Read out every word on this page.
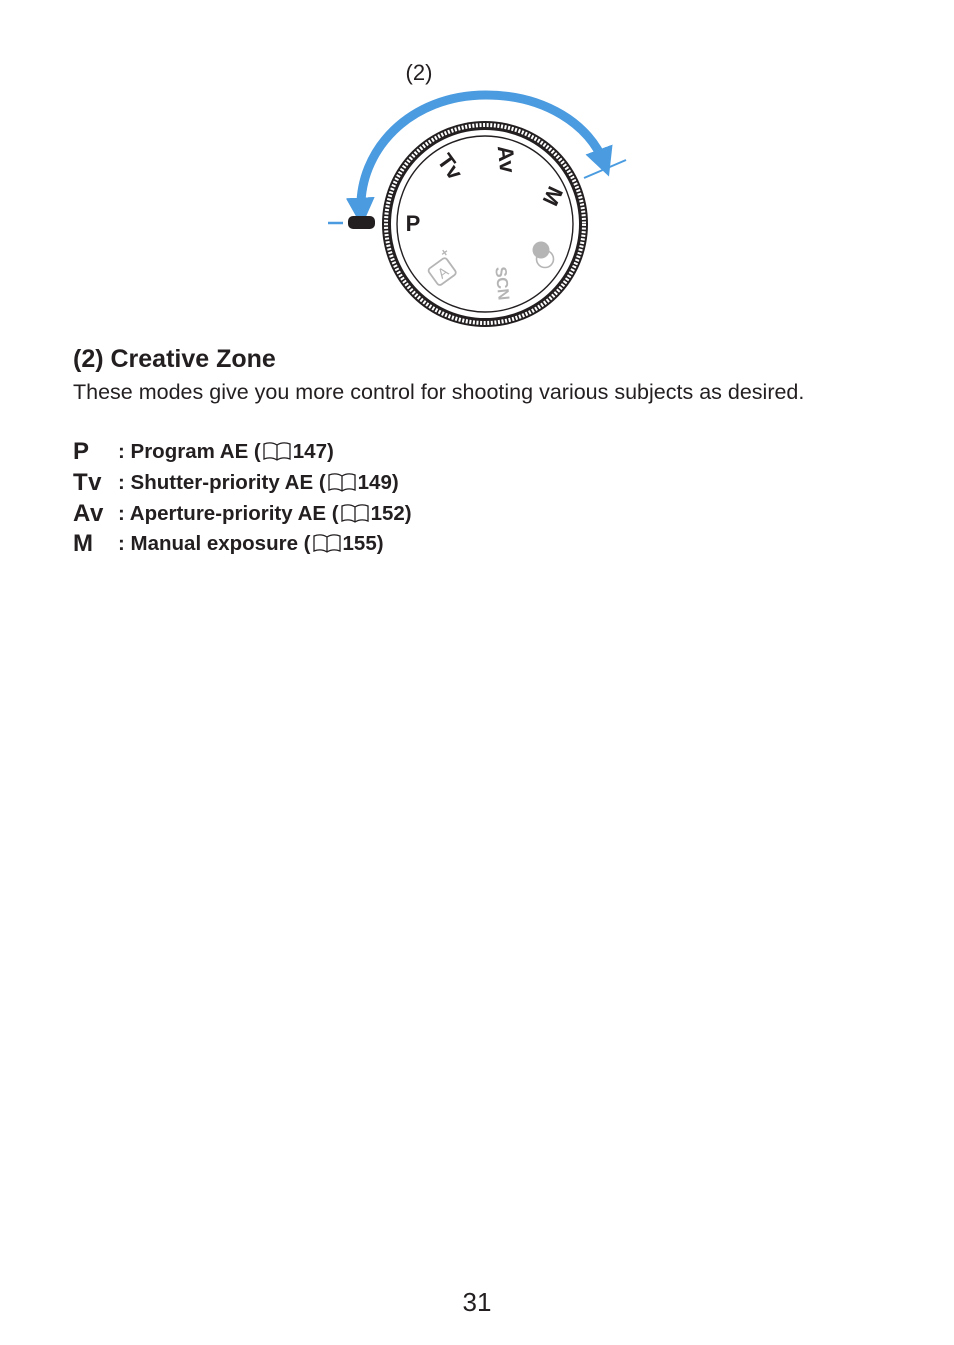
(2)
P
Tv Av
M
SCN
A
+
(2) Creative Zone

These modes give you more control for shooting various subjects as desired.

P	: Program AE ( 147)
Tv : Shutter-priority AE ( 149)
Av : Aperture-priority AE ( 152)
M	: Manual exposure ( 155)
31
